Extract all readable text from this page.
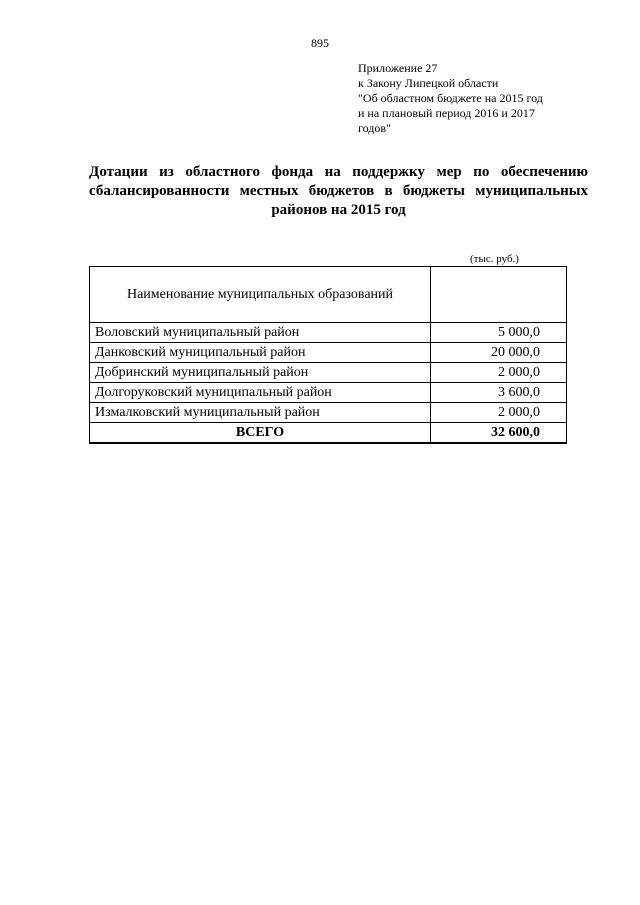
895
Приложение 27
к Закону Липецкой области
"Об областном бюджете на 2015 год
и на плановый период 2016 и 2017
годов"
Дотации из областного фонда на поддержку мер по обеспечению сбалансированности местных бюджетов в бюджеты муниципальных районов на 2015 год
(тыс. руб.)
Наименование муниципальных образований	
Воловский муниципальный район	5 000,0
Данковский муниципальный район	20 000,0
Добринский муниципальный район	2 000,0
Долгоруковский муниципальный район	3 600,0
Измалковский муниципальный район	2 000,0
ВСЕГО	32 600,0
